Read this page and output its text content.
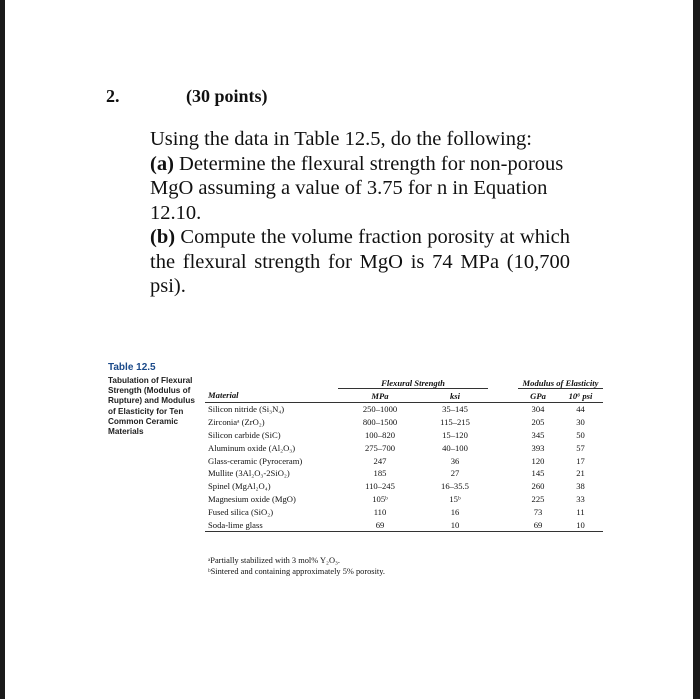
2.	(30 points)

Using the data in Table 12.5, do the following:

(a) Determine the flexural strength for non-porous MgO assuming a value of 3.75 for n in Equation 12.10.

(b) Compute the volume fraction porosity at which the flexural strength for MgO is 74 MPa (10,700 psi).

Table 12.5
Tabulation of Flexural Strength (Modulus of Rupture) and Modulus of Elasticity for Ten Common Ceramic Materials
	Flexural Strength			Modulus of Elasticity	
Material	MPa	ksi		GPa	10⁶ psi
Silicon nitride (Si₃N₄)	250–1000	35–145		304	44
Zirconiaᵃ (ZrO₂)	800–1500	115–215		205	30
Silicon carbide (SiC)	100–820	15–120		345	50
Aluminum oxide (Al₂O₃)	275–700	40–100		393	57
Glass-ceramic (Pyroceram)	247	36		120	17
Mullite (3Al₂O₃-2SiO₂)	185	27		145	21
Spinel (MgAl₂O₄)	110–245	16–35.5		260	38
Magnesium oxide (MgO)	105ᵇ	15ᵇ		225	33
Fused silica (SiO₂)	110	16		73	11
Soda-lime glass	69	10		69	10
ᵃPartially stabilized with 3 mol% Y₂O₃.
ᵇSintered and containing approximately 5% porosity.
